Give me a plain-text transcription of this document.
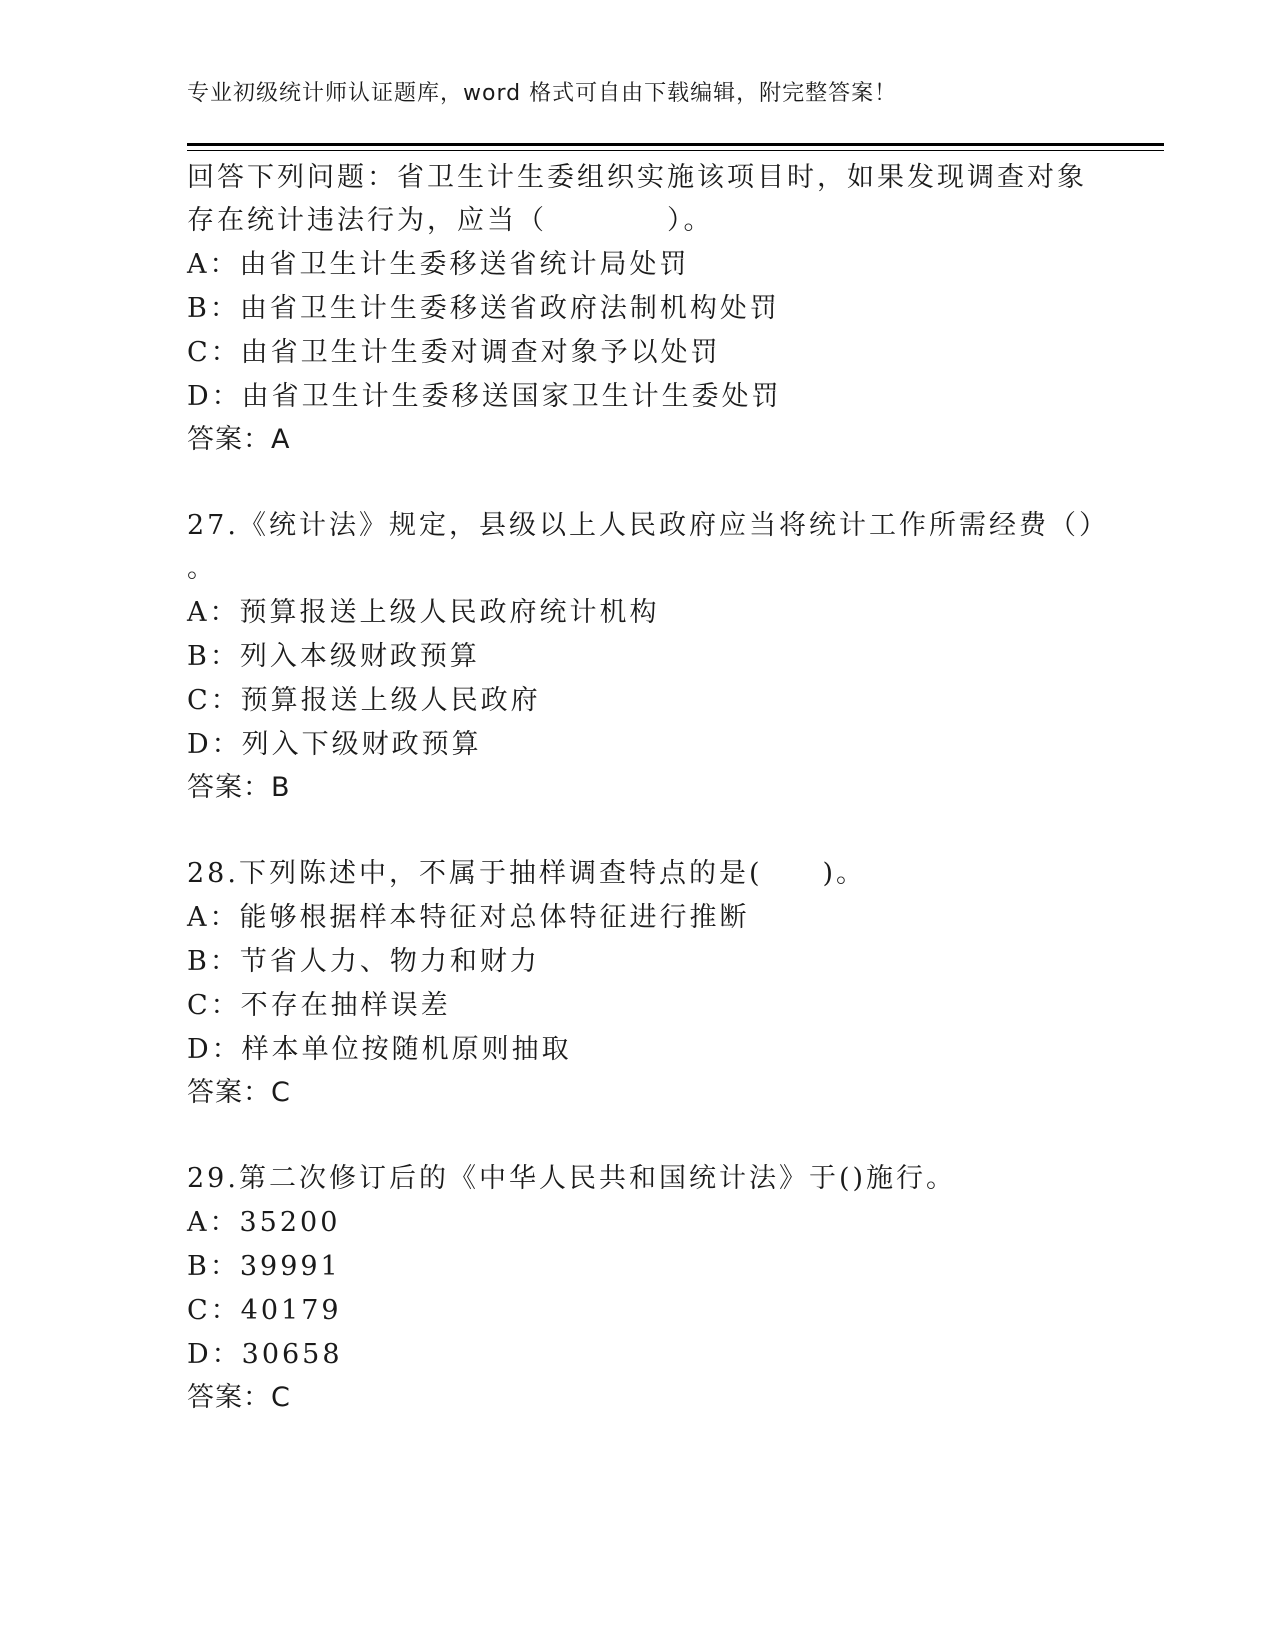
专业初级统计师认证题库，word 格式可自由下载编辑，附完整答案！
回答下列问题：省卫生计生委组织实施该项目时，如果发现调查对象
存在统计违法行为，应当（　　　　）。
A：由省卫生计生委移送省统计局处罚
B：由省卫生计生委移送省政府法制机构处罚
C：由省卫生计生委对调查对象予以处罚
D：由省卫生计生委移送国家卫生计生委处罚
答案：A
27.《统计法》规定，县级以上人民政府应当将统计工作所需经费（）
。
A：预算报送上级人民政府统计机构
B：列入本级财政预算
C：预算报送上级人民政府
D：列入下级财政预算
答案：B
28.下列陈述中，不属于抽样调查特点的是(　　)。
A：能够根据样本特征对总体特征进行推断
B：节省人力、物力和财力
C：不存在抽样误差
D：样本单位按随机原则抽取
答案：C
29.第二次修订后的《中华人民共和国统计法》于()施行。
A：35200
B：39991
C：40179
D：30658
答案：C
